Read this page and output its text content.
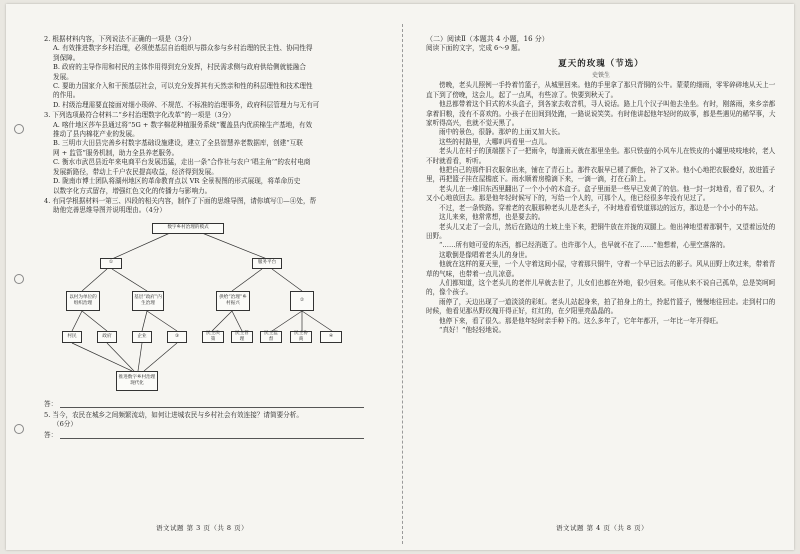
2. 根据材料内容，下列说法不正确的一项是（3分）

A. 有效推进数字乡村治理，必须使基层自治组织与群众参与乡村治理的民主性、协同性得

到保障。

B. 政府的主导作用和村民的主体作用得到充分发挥，村民需求侧与政府供给侧就能融合

发展。

C. 要助力国家介入和干预基层社会，可以充分发挥其有天然亲和性的科层理性和技术理性

的作用。

D. 村级治理需要直接面对细小琐碎、不规范、不标准的治理事务，政府科层管理力与无有可

3. 下列选项最符合材料二“乡村治理数字化改革”的一项是（3分）

A. 喀什地区莎车县通过将“5G + 数字棉花种植服务系统”覆盖县内优质棉生产基地，有效

推动了县内棉花产业的发展。

B. 三明市大田县完善乡村数字基础设施建设，建立了全县智慧养老数据库，创建“互联

网 + 监管”服务机制，助力全县养老服务。

C. 衡水市武邑县近年来电商平台发展迅猛，走出一条“合作社与农户‘唱主角’”的农村电商

发展新路径，带动上千户农民提高收益，经济得到发展。

D. 陇南市博士团队将湖州地区的革命教育点以 VR 全景视图的形式展现，将革命历史

以数字化方式留存，增强红色文化的传播力与影响力。

4. 有同学根据材料一第三、四段的相关内容，制作了下面的思维导图，请你填写①—④处，帮

助他完善思维导图并说明理由。（4分）

数字乡村治理的模式
①	服务平台
以村为单位的组织治理
基层“政府”内生治理
供给“治理”乡村振兴
②
村民	政府	企业	③
民主决策
民主管理
民主监督
民主协商
④
推进数字乡村治理现代化
答：

5. 当今，农民在城乡之间频繁流动，如何让进城农民与乡村社会有效连接？请简要分析。

（6分）

答：

（二）阅读Ⅱ（本题共 4 小题，16 分）

阅读下面的文字，完成 6～9 题。

夏天的玫瑰（节选）
史铁生

傍晚，老头儿照例一手拎着竹篮子，从城里回来。他的手里拿了那只青铜的公牛。蒙蒙的细雨，零零碎碎地从天上一直下到了傍晚，这会儿，起了一点风，有些凉了。快要到秋天了。

他总都带着这个旧式的木头盒子，到各家去收音机，寻人说话。路上几个汉子叫他去坐坐。有时，刚落雨，来乡亲都拿着旧粮，没有不喜欢的。小孩子在田间到处跑，一路说说笑笑。有时他讲起他年轻时的故事，都是些遇见的稀罕事，大家听得高兴，也就不觉天黑了。

雨中的景色，很静。那炉的上面又加大长。

这些的村路里，大哪叭吗看里一点儿。

老头儿在村子的顶端摆下了一把雨伞，每逢雨天就在那里坐坐。那只铁壶的小风车儿在铁皮的小罐里吱吱地转，老人不时就看看，听听。

他把自己的那件旧衣服拿出来，铺在了青石上。那件衣服早已褪了颜色，补了又补。他小心地把衣服叠好，放进篮子里，再把篮子挂在屋檐底下。雨水顺着房檐滴下来，一滴一滴，打在石阶上。

老头儿在一堆旧东西里翻出了一个小小的木盒子。盒子里面是一些早已发黄了的信。他一封一封地看，看了很久，才又小心地放回去。那是他年轻时候写下的，写给一个人的，可那个人，他已经很多年没有见过了。

不过，老一条铁路。穿着老的衣服那种老头儿是老头子，不时地看看铁道那边的远方，那边是一个小小的车站。

这儿来来，他常常想，也是要去的。

老头儿又走了一会儿，然后在路边的土坡上坐下来，把铜牛放在并拢的双腿上。他出神地望着那铜牛，又望着远处的田野。

“……所有她可爱的东西，都已经消逝了。也许那个人，也早就不在了……”他想着，心里空落落的。

这歌倒是像唱着老头儿的身世。

他就在这样的夏天里，一个人守着这间小屋，守着那只铜牛，守着一个早已远去的影子。风从田野上吹过来，带着青草的气味，也带着一点儿凉意。

人们都知道，这个老头儿的老伴儿早就去世了，儿女们也都在外地，很少回来。可他从来不说自己孤单，总是笑呵呵的，像个孩子。

雨停了，天边出现了一道淡淡的彩虹。老头儿站起身来，拍了拍身上的土，拎起竹篮子，慢慢地往回走。走到村口的时候，他看见那丛野玫瑰开得正好，红红的，在夕阳里亮晶晶的。

他停下来，看了很久。那是他年轻时亲手种下的。这么多年了，它年年都开，一年比一年开得旺。

“真好！”他轻轻地说。

语文试题 第 3 页（共 8 页）	语文试题 第 4 页（共 8 页）
